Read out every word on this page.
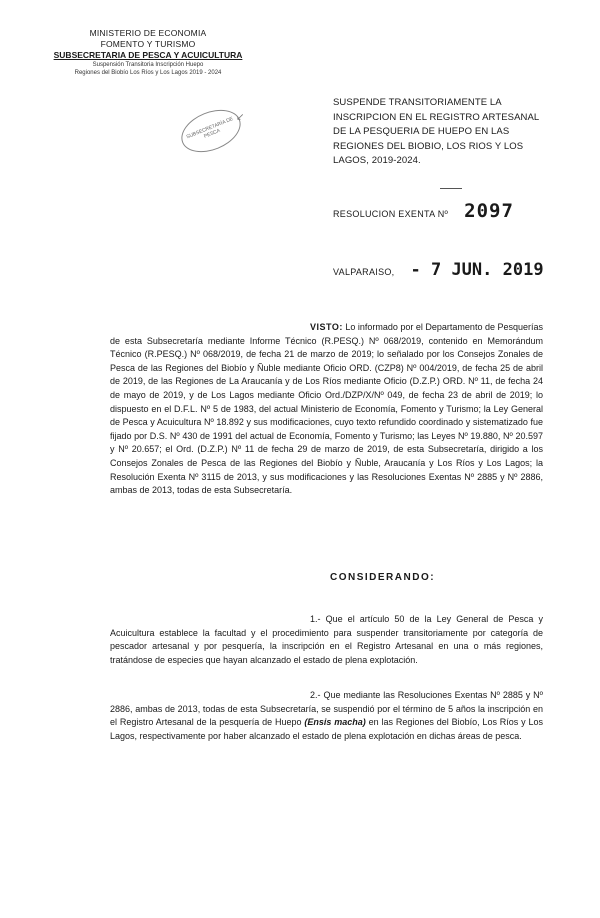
MINISTERIO DE ECONOMIA
FOMENTO Y TURISMO
SUBSECRETARIA DE PESCA Y ACUICULTURA
Suspensión Transitoria Inscripción Huepo
Regiones del Biobío Los Ríos y Los Lagos 2019 - 2024
SUBSECRETARÍA DE PESCA
↙
SUSPENDE TRANSITORIAMENTE LA INSCRIPCION EN EL REGISTRO ARTESANAL DE LA PESQUERIA DE HUEPO EN LAS REGIONES DEL BIOBIO, LOS RIOS Y LOS LAGOS, 2019-2024.
RESOLUCION EXENTA Nº 2097
VALPARAISO, - 7 JUN. 2019
VISTO: Lo informado por el Departamento de Pesquerías de esta Subsecretaría mediante Informe Técnico (R.PESQ.) Nº 068/2019, contenido en Memorándum Técnico (R.PESQ.) Nº 068/2019, de fecha 21 de marzo de 2019; lo señalado por los Consejos Zonales de Pesca de las Regiones del Biobío y Ñuble mediante Oficio ORD. (CZP8) Nº 004/2019, de fecha 25 de abril de 2019, de las Regiones de La Araucanía y de Los Ríos mediante Oficio (D.Z.P.) ORD. Nº 11, de fecha 24 de mayo de 2019, y de Los Lagos mediante Oficio Ord./DZP/X/Nº 049, de fecha 23 de abril de 2019; lo dispuesto en el D.F.L. Nº 5 de 1983, del actual Ministerio de Economía, Fomento y Turismo; la Ley General de Pesca y Acuicultura Nº 18.892 y sus modificaciones, cuyo texto refundido coordinado y sistematizado fue fijado por D.S. Nº 430 de 1991 del actual de Economía, Fomento y Turismo; las Leyes Nº 19.880, Nº 20.597 y Nº 20.657; el Ord. (D.Z.P.) Nº 11 de fecha 29 de marzo de 2019, de esta Subsecretaría, dirigido a los Consejos Zonales de Pesca de las Regiones del Biobío y Ñuble, Araucanía y Los Ríos y Los Lagos; la Resolución Exenta Nº 3115 de 2013, y sus modificaciones y las Resoluciones Exentas Nº 2885 y Nº 2886, ambas de 2013, todas de esta Subsecretaría.
CONSIDERANDO:
1.- Que el artículo 50 de la Ley General de Pesca y Acuicultura establece la facultad y el procedimiento para suspender transitoriamente por categoría de pescador artesanal y por pesquería, la inscripción en el Registro Artesanal en una o más regiones, tratándose de especies que hayan alcanzado el estado de plena explotación.
2.- Que mediante las Resoluciones Exentas Nº 2885 y Nº 2886, ambas de 2013, todas de esta Subsecretaría, se suspendió por el término de 5 años la inscripción en el Registro Artesanal de la pesquería de Huepo (Ensis macha) en las Regiones del Biobío, Los Ríos y Los Lagos, respectivamente por haber alcanzado el estado de plena explotación en dichas áreas de pesca.
